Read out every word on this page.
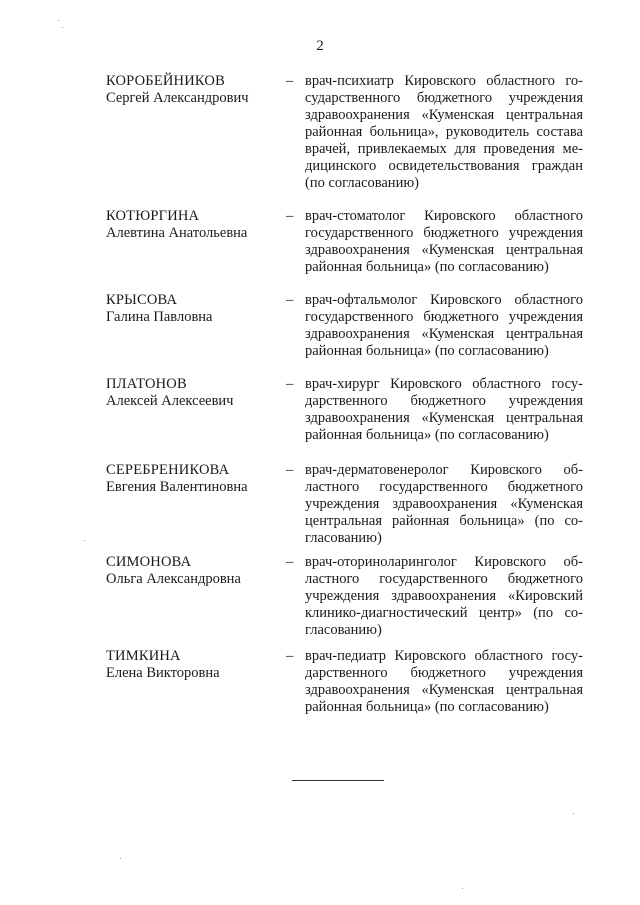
2
КОРОБЕЙНИКОВ
Сергей Александрович
– врач-психиатр Кировского областного государственного бюджетного учреждения здравоохранения «Куменская центральная районная больница», руководитель состава врачей, привлекаемых для проведения медицинского освидетельствования граждан (по согласованию)
КОТЮРГИНА
Алевтина Анатольевна
– врач-стоматолог Кировского областного государственного бюджетного учреждения здравоохранения «Куменская центральная районная больница» (по согласованию)
КРЫСОВА
Галина Павловна
– врач-офтальмолог Кировского областного государственного бюджетного учреждения здравоохранения «Куменская центральная районная больница» (по согласованию)
ПЛАТОНОВ
Алексей Алексеевич
– врач-хирург Кировского областного государственного бюджетного учреждения здравоохранения «Куменская центральная районная больница» (по согласованию)
СЕРЕБРЕНИКОВА
Евгения Валентиновна
– врач-дерматовенеролог Кировского областного государственного бюджетного учреждения здравоохранения «Куменская центральная районная больница» (по согласованию)
СИМОНОВА
Ольга Александровна
– врач-оториноларинголог Кировского областного государственного бюджетного учреждения здравоохранения «Кировский клинико-диагностический центр» (по согласованию)
ТИМКИНА
Елена Викторовна
– врач-педиатр Кировского областного государственного бюджетного учреждения здравоохранения «Куменская центральная районная больница» (по согласованию)
